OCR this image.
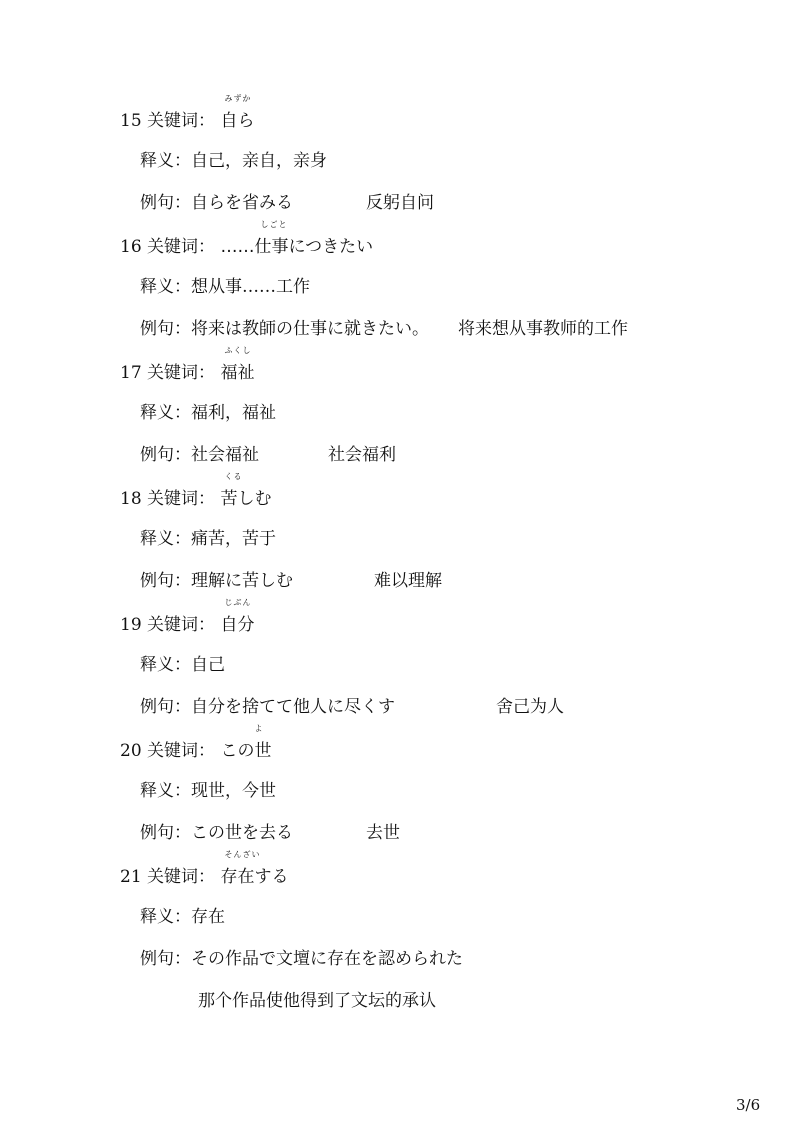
15 关键词：
みずか
自ら
释义：自己，亲自，亲身
例句：自らを省みる	反躬自问
16 关键词：
しごと
……仕事につきたい
释义：想从事……工作
例句：将来は教師の仕事に就きたい。 将来想从事教师的工作
17 关键词：
ふくし
福祉
释义：福利，福祉
例句：社会福祉	社会福利
18 关键词：
くる
苦しむ
释义：痛苦，苦于
例句：理解に苦しむ	难以理解
19 关键词：
じぶん
自分
释义：自己
例句：自分を捨てて他人に尽くす	舍己为人
20 关键词：
よ
この世
释义：现世，今世
例句：この世を去る	去世
21 关键词：
そんざい
存在する
释义：存在
例句：その作品で文壇に存在を認められた
那个作品使他得到了文坛的承认
3/6
